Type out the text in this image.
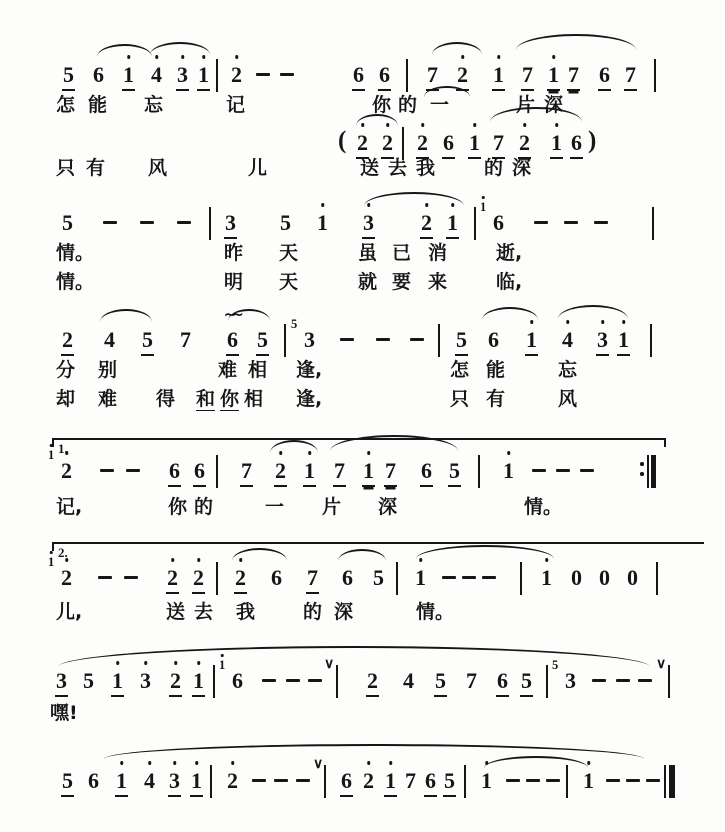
5 6 1 4 3 1 2	6 6 7 2 1 7 1 7 6 7
怎 能 忘	记	你 的 一	片 深
( 2 2 2 6 1 7 2 1 6 )
只 有 风	儿	送 去 我	的 深
5	3 5 1 3 2 1 6
1
情。	昨 天	虽 已 消	逝,
情。	明 天	就 要 来	临,
2 4 5 7 6 5 3
5
5 6 1 4 3 1
∼∼
分 别	难 相 逢,	怎 能	忘
却 难 得 和 你 相 逢,	只 有	风
2
1
6 6 7 2 1 7 1 7 6 5 1
1.
记,	你 的	一 片 深	情。
2
1
2 2 2 6 7 6 5 1	1 0 0 0
2.
儿,	送 去 我	的 深	情。
3 5 1 3 2 1 6
1	∨
2 4 5 7 6 5 3
5	∨
嘿!
5 6 1 4 3 1 2
∨
6 2 1 7 6 5 1	1
